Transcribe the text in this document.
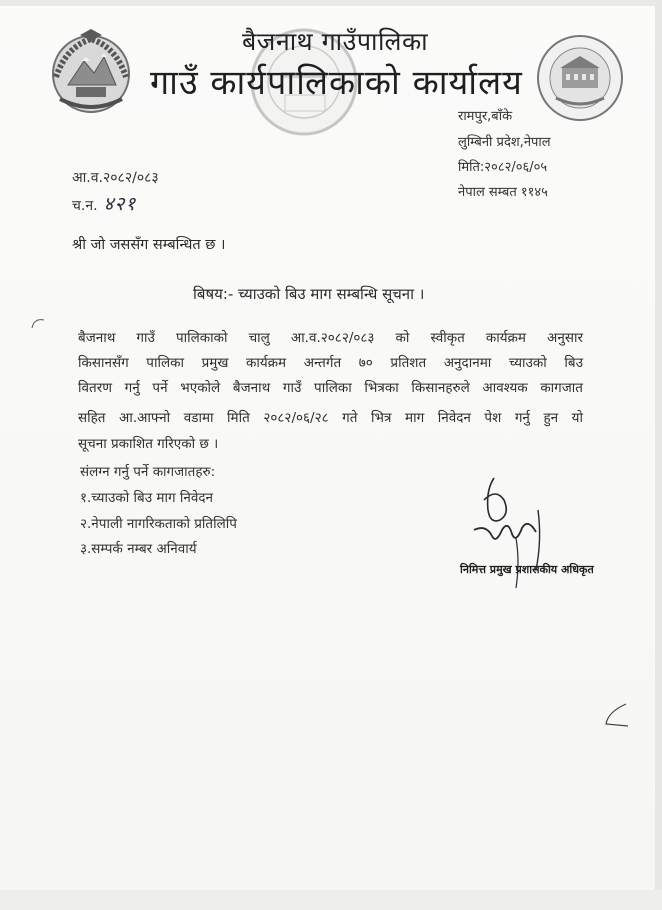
बैजनाथ गाउँपालिका
गाउँ कार्यपालिकाको कार्यालय
रामपुर,बाँके
लुम्बिनी प्रदेश,नेपाल
मिति:२०८२/०६/०५
नेपाल सम्बत ११४५
आ.व.२०८२/०८३
च.न. ४२१
श्री जो जससँग सम्बन्धित छ ।
बिषय:- च्याउको बिउ माग सम्बन्धि सूचना ।
बैजनाथ गाउँ पालिकाको चालु आ.व.२०८२/०८३ को स्वीकृत कार्यक्रम अनुसार
किसानसँग पालिका प्रमुख कार्यक्रम अन्तर्गत ७० प्रतिशत अनुदानमा च्याउको बिउ
वितरण गर्नु पर्ने भएकोले बैजनाथ गाउँ पालिका भित्रका किसानहरुले आवश्यक कागजात
सहित आ.आफ्नो वडामा मिति २०८२/०६/२८ गते भित्र माग निवेदन पेश गर्नु हुन यो
सूचना प्रकाशित गरिएको छ ।
संलग्न गर्नु पर्ने कागजातहरु:
१.च्याउको बिउ माग निवेदन
२.नेपाली नागरिकताको प्रतिलिपि
३.सम्पर्क नम्बर अनिवार्य
निमित्त प्रमुख प्रशासकीय अधिकृत
